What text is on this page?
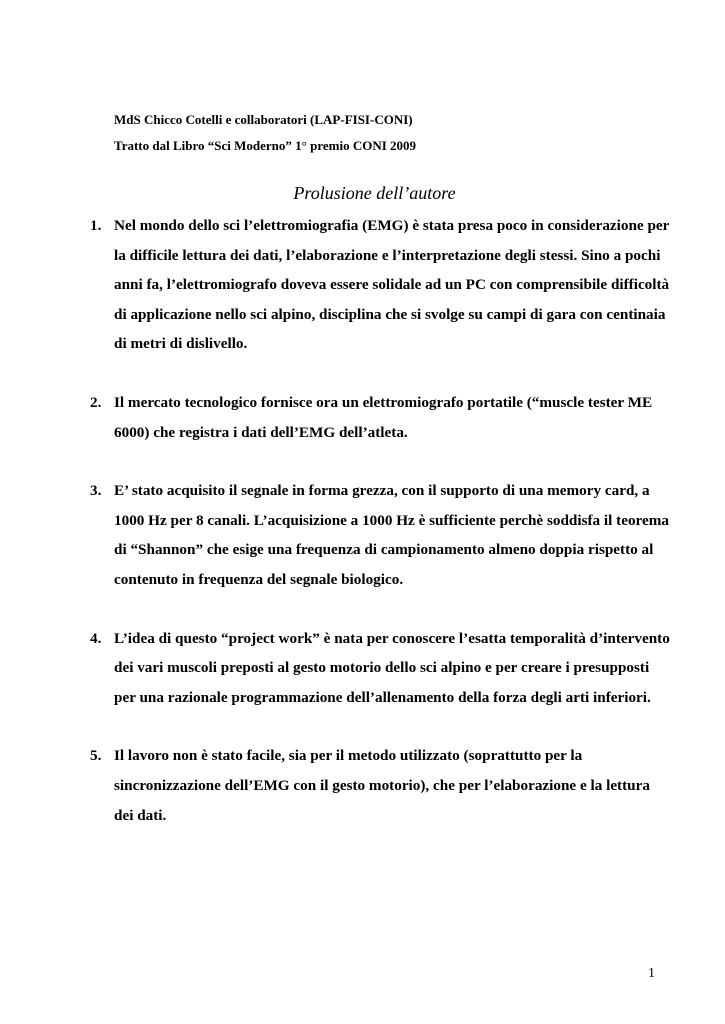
MdS Chicco Cotelli e collaboratori (LAP-FISI-CONI)
Tratto dal Libro “Sci Moderno” 1° premio CONI 2009
Prolusione dell’autore
1. Nel mondo dello sci l’elettromiografia (EMG) è stata presa poco in considerazione per la difficile lettura dei dati, l’elaborazione e l’interpretazione degli stessi. Sino a pochi anni fa, l’elettromiografo doveva essere solidale ad un PC con comprensibile difficoltà di applicazione nello sci alpino, disciplina che si svolge su campi di gara con centinaia di metri di dislivello.
2. Il mercato tecnologico fornisce ora un elettromiografo portatile (“muscle tester ME 6000) che registra i dati dell’EMG dell’atleta.
3. E’ stato acquisito il segnale in forma grezza, con il supporto di una memory card, a 1000 Hz per 8 canali. L’acquisizione a 1000 Hz è sufficiente perchè soddisfa il teorema di “Shannon” che esige una frequenza di campionamento almeno doppia rispetto al contenuto in frequenza del segnale biologico.
4. L’idea di questo “project work” è nata per conoscere l’esatta temporalità d’intervento dei vari muscoli preposti al gesto motorio dello sci alpino e per creare i presupposti per una razionale programmazione dell’allenamento della forza degli arti inferiori.
5. Il lavoro non è stato facile, sia per il metodo utilizzato (soprattutto per la sincronizzazione dell’EMG con il gesto motorio), che per l’elaborazione e la lettura dei dati.
1
